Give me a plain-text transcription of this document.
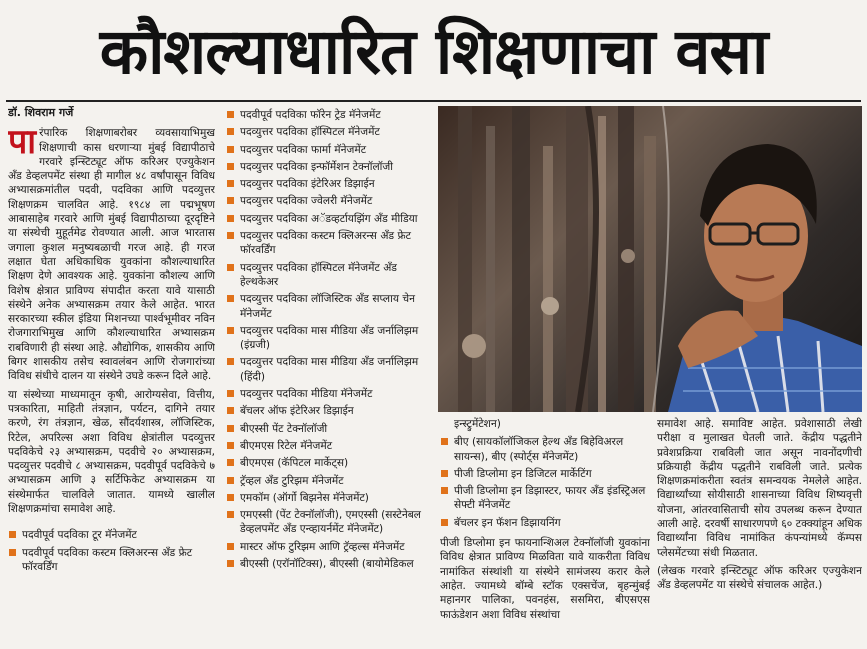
कौशल्याधारित शिक्षणाचा वसा
डॉ. शिवराम गर्जे

पारंपारिक शिक्षणाबरोबर व्यवसायाभिमुख शिक्षणाची कास धरणाऱ्या मुंबई विद्यापीठाचे गरवारे इन्स्टिट्यूट ऑफ करिअर एज्युकेशन अँड डेव्हलपमेंट संस्था ही मागील ४८ वर्षांपासून विविध अभ्यासक्रमांतील पदवी, पदविका आणि पदव्युत्तर शिक्षणक्रम चालवित आहे. १९८४ ला पद्मभूषण आबासाहेब गरवारे आणि मुंबई विद्यापीठाच्या दूरदृष्टिने या संस्थेची मुहूर्तमेढ रोवण्यात आली. आज भारतास जगाला कुशल मनुष्यबळाची गरज आहे. ही गरज लक्षात घेता अधिकाधिक युवकांना कौशल्याधारित शिक्षण देणे आवश्यक आहे. युवकांना कौशल्य आणि विशेष क्षेत्रात प्राविण्य संपादीत करता यावे यासाठी संस्थेने अनेक अभ्यासक्रम तयार केले आहेत. भारत सरकारच्या स्कील इंडिया मिशनच्या पार्श्वभूमीवर नविन रोजगाराभिमुख आणि कौशल्याधारित अभ्यासक्रम राबविणारी ही संस्था आहे. औद्योगिक, शासकीय आणि बिगर शासकीय तसेच स्वावलंबन आणि रोजगारांच्या विविध संधीचे दालन या संस्थेने उघडे करून दिले आहे.

या संस्थेच्या माध्यमातून कृषी, आरोग्यसेवा, वित्तीय, पत्रकारिता, माहिती तंत्रज्ञान, पर्यटन, दागिने तयार करणे, रंग तंत्रज्ञान, खेळ, सौंदर्यशास्त्र, लॉजिस्टिक, रिटेल, अपरिल्स अशा विविध क्षेत्रांतील पदव्युत्तर पदविकेचे २३ अभ्यासक्रम, पदवीचे २० अभ्यासक्रम, पदव्युत्तर पदवीचे ८ अभ्यासक्रम, पदवीपूर्व पदविकेचे ७ अभ्यासक्रम आणि ३ सर्टिफिकेट अभ्यासक्रम या संस्थेमार्फत चालविले जातात. यामध्ये खालील शिक्षणक्रमांचा समावेश आहे.

पदवीपूर्व पदविका टूर मॅनेजमेंट
पदवीपूर्व पदविका कस्टम क्लिअरन्स अँड फ्रेट फॉरवर्डिंग
पदवीपूर्व पदविका फॉरेन ट्रेड मॅनेजमेंट
पदव्युत्तर पदविका हॉस्पिटल मॅनेजमेंट
पदव्युत्तर पदविका फार्मा मॅनेजमेंट
पदव्युत्तर पदविका इन्फॉर्मेशन टेक्नॉलॉजी
पदव्युत्तर पदविका इंटेरिअर डिझाईन
पदव्युत्तर पदविका ज्वेलरी मॅनेजमेंट
पदव्युत्तर पदविका अॅडव्हर्टायझिंग अँड मीडिया
पदव्युत्तर पदविका कस्टम क्लिअरन्स अँड फ्रेट फॉरवर्डिंग
पदव्युत्तर पदविका हॉस्पिटल मॅनेजमेंट अँड हेल्थकेअर
पदव्युत्तर पदविका लॉजिस्टिक अँड सप्लाय चेन मॅनेजमेंट
पदव्युत्तर पदविका मास मीडिया अँड जर्नालिझम (इंग्रजी)
पदव्युत्तर पदविका मास मीडिया अँड जर्नालिझम (हिंदी)
पदव्युत्तर पदविका मीडिया मॅनेजमेंट
बॅचलर ऑफ इंटेरिअर डिझाईन
बीएस्सी पेंट टेक्नॉलॉजी
बीएमएस रिटेल मॅनेजमेंट
बीएमएस (कॅपिटल मार्केट्स)
ट्रॅव्हल अँड टुरिझम मॅनेजमेंट
एमकॉम (ऑर्गो बिझनेस मॅनेजमेंट)
एमएस्सी (पेंट टेक्नॉलॉजी), एमएस्सी (सस्टेनेबल डेव्हलपमेंट अँड एन्व्हायर्नमेंट मॅनेजमेंट)
मास्टर ऑफ टुरिझम आणि ट्रॅव्हल्स मॅनेजमेंट
बीएस्सी (एरॉनॉटिक्स), बीएस्सी (बायोमेडिकल

इन्स्ट्रुमेंटेशन)

बीए (सायकॉलॉजिकल हेल्थ अँड बिहेविअरल सायन्स), बीए (स्पोर्ट्स मॅनेजमेंट)
पीजी डिप्लोमा इन डिजिटल मार्केटिंग
पीजी डिप्लोमा इन डिझास्टर, फायर अँड इंडस्ट्रिअल सेफ्टी मॅनेजमेंट
बॅचलर इन फॅशन डिझायनिंग

पीजी डिप्लोमा इन फायनान्शिअल टेक्नॉलॉजी युवकांना विविध क्षेत्रात प्राविण्य मिळविता यावे याकरीता विविध नामांकित संस्थांशी या संस्थेने सामंजस्य करार केले आहेत. ज्यामध्ये बॉम्बे स्टॉक एक्सचेंज, बृहन्मुंबई महानगर पालिका, पवनहंस, ससमिरा, बीएसएस फाऊंडेशन अशा विविध संस्थांचा

समावेश आहे. समाविष्ट आहेत. प्रवेशासाठी लेखी परीक्षा व मुलाखत घेतली जाते. केंद्रीय पद्धतीने प्रवेशप्रक्रिया राबविली जात असून नावनोंदणीची प्रक्रियाही केंद्रीय पद्धतीने राबविली जाते. प्रत्येक शिक्षणक्रमांकरीता स्वतंत्र समन्वयक नेमलेले आहेत. विद्यार्थ्यांच्या सोयीसाठी शासनाच्या विविध शिष्यवृत्ती योजना, आंतरवासिताची सोय उपलब्ध करून देण्यात आली आहे. दरवर्षी साधारणपणे ६० टक्क्यांहून अधिक विद्यार्थ्यांना विविध नामांकित कंपन्यांमध्ये कॅम्पस प्लेसमेंटच्या संधी मिळतात.

(लेखक गरवारे इन्स्टिट्यूट ऑफ करिअर एज्युकेशन अँड डेव्हलपमेंट या संस्थेचे संचालक आहेत.)
